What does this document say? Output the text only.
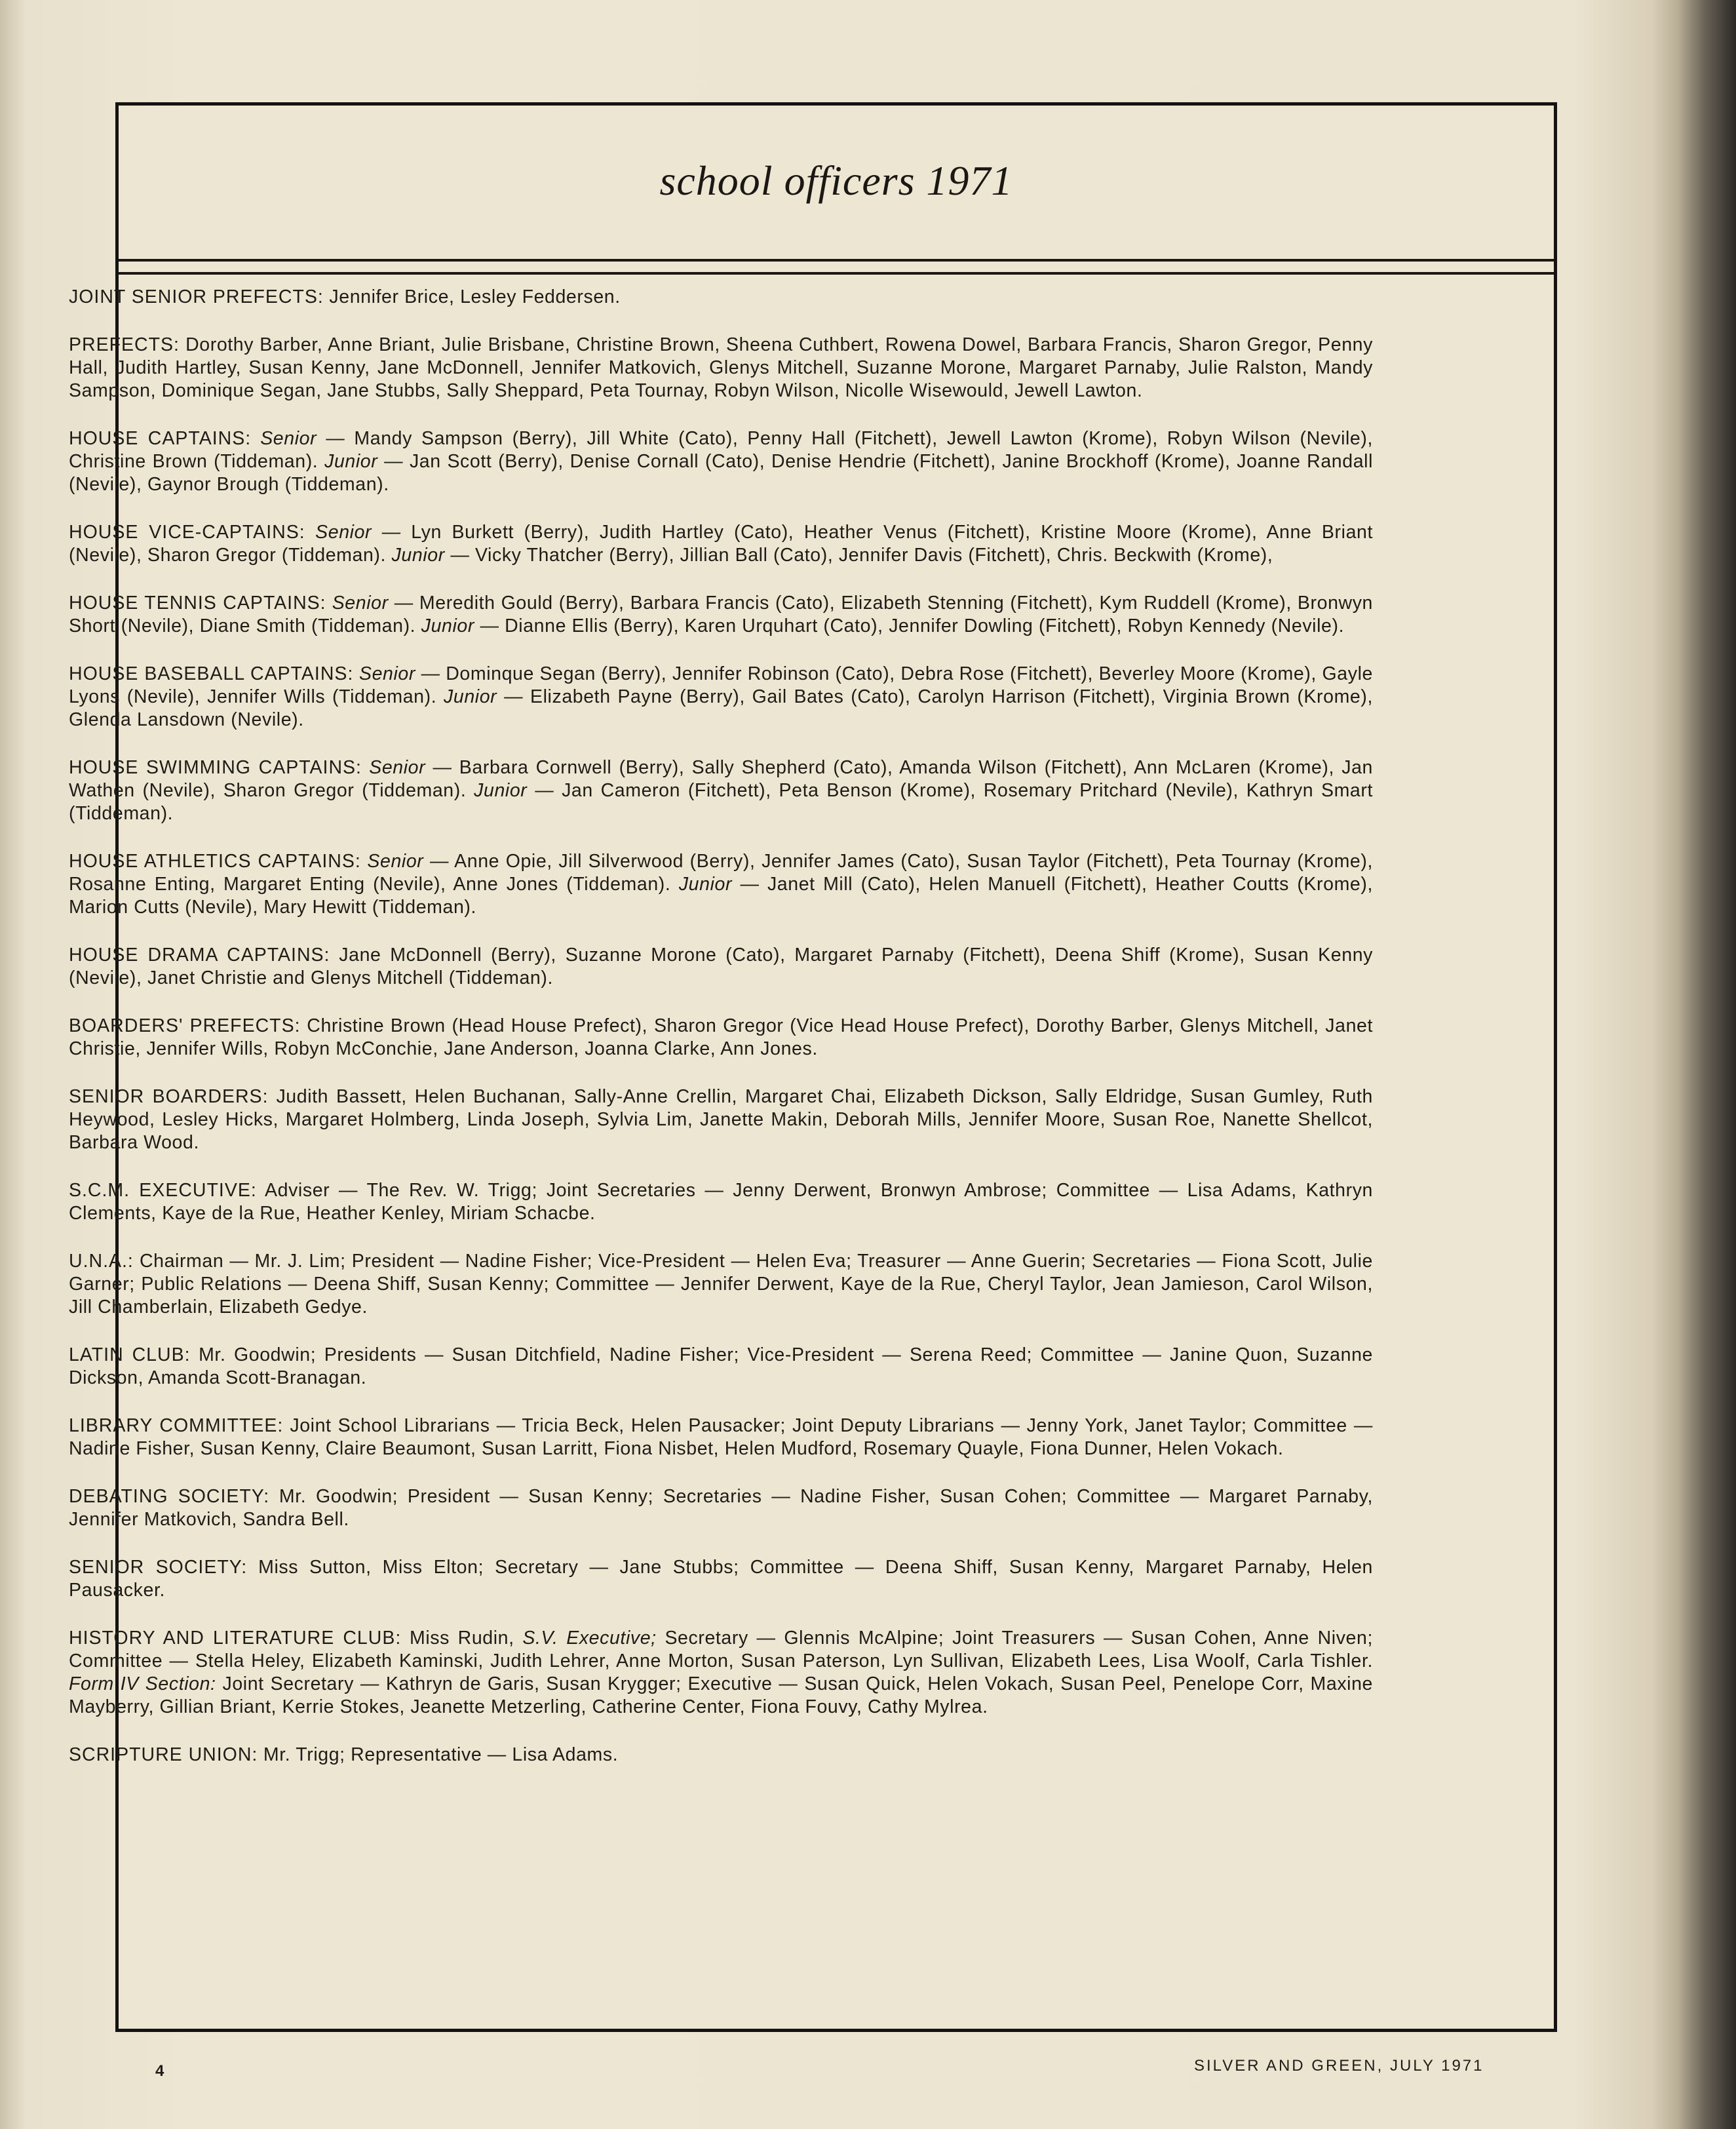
school officers 1971

JOINT SENIOR PREFECTS: Jennifer Brice, Lesley Feddersen.

PREFECTS: Dorothy Barber, Anne Briant, Julie Brisbane, Christine Brown, Sheena Cuthbert, Rowena Dowel, Barbara Francis, Sharon Gregor, Penny Hall, Judith Hartley, Susan Kenny, Jane McDonnell, Jennifer Matkovich, Glenys Mitchell, Suzanne Morone, Margaret Parnaby, Julie Ralston, Mandy Sampson, Dominique Segan, Jane Stubbs, Sally Sheppard, Peta Tournay, Robyn Wilson, Nicolle Wisewould, Jewell Lawton.

HOUSE CAPTAINS: Senior — Mandy Sampson (Berry), Jill White (Cato), Penny Hall (Fitchett), Jewell Lawton (Krome), Robyn Wilson (Nevile), Christine Brown (Tiddeman). Junior — Jan Scott (Berry), Denise Cornall (Cato), Denise Hendrie (Fitchett), Janine Brockhoff (Krome), Joanne Randall (Nevile), Gaynor Brough (Tiddeman).

HOUSE VICE-CAPTAINS: Senior — Lyn Burkett (Berry), Judith Hartley (Cato), Heather Venus (Fitchett), Kristine Moore (Krome), Anne Briant (Nevile), Sharon Gregor (Tiddeman). Junior — Vicky Thatcher (Berry), Jillian Ball (Cato), Jennifer Davis (Fitchett), Chris. Beckwith (Krome),

HOUSE TENNIS CAPTAINS: Senior — Meredith Gould (Berry), Barbara Francis (Cato), Elizabeth Stenning (Fitchett), Kym Ruddell (Krome), Bronwyn Short (Nevile), Diane Smith (Tiddeman). Junior — Dianne Ellis (Berry), Karen Urquhart (Cato), Jennifer Dowling (Fitchett), Robyn Kennedy (Nevile).

HOUSE BASEBALL CAPTAINS: Senior — Dominque Segan (Berry), Jennifer Robinson (Cato), Debra Rose (Fitchett), Beverley Moore (Krome), Gayle Lyons (Nevile), Jennifer Wills (Tiddeman). Junior — Elizabeth Payne (Berry), Gail Bates (Cato), Carolyn Harrison (Fitchett), Virginia Brown (Krome), Glenda Lansdown (Nevile).

HOUSE SWIMMING CAPTAINS: Senior — Barbara Cornwell (Berry), Sally Shepherd (Cato), Amanda Wilson (Fitchett), Ann McLaren (Krome), Jan Wathen (Nevile), Sharon Gregor (Tiddeman). Junior — Jan Cameron (Fitchett), Peta Benson (Krome), Rosemary Pritchard (Nevile), Kathryn Smart (Tiddeman).

HOUSE ATHLETICS CAPTAINS: Senior — Anne Opie, Jill Silverwood (Berry), Jennifer James (Cato), Susan Taylor (Fitchett), Peta Tournay (Krome), Rosanne Enting, Margaret Enting (Nevile), Anne Jones (Tiddeman). Junior — Janet Mill (Cato), Helen Manuell (Fitchett), Heather Coutts (Krome), Marion Cutts (Nevile), Mary Hewitt (Tiddeman).

HOUSE DRAMA CAPTAINS: Jane McDonnell (Berry), Suzanne Morone (Cato), Margaret Parnaby (Fitchett), Deena Shiff (Krome), Susan Kenny (Nevile), Janet Christie and Glenys Mitchell (Tiddeman).

BOARDERS' PREFECTS: Christine Brown (Head House Prefect), Sharon Gregor (Vice Head House Prefect), Dorothy Barber, Glenys Mitchell, Janet Christie, Jennifer Wills, Robyn McConchie, Jane Anderson, Joanna Clarke, Ann Jones.

SENIOR BOARDERS: Judith Bassett, Helen Buchanan, Sally-Anne Crellin, Margaret Chai, Elizabeth Dickson, Sally Eldridge, Susan Gumley, Ruth Heywood, Lesley Hicks, Margaret Holmberg, Linda Joseph, Sylvia Lim, Janette Makin, Deborah Mills, Jennifer Moore, Susan Roe, Nanette Shellcot, Barbara Wood.

S.C.M. EXECUTIVE: Adviser — The Rev. W. Trigg; Joint Secretaries — Jenny Derwent, Bronwyn Ambrose; Committee — Lisa Adams, Kathryn Clements, Kaye de la Rue, Heather Kenley, Miriam Schacbe.

U.N.A.: Chairman — Mr. J. Lim; President — Nadine Fisher; Vice-President — Helen Eva; Treasurer — Anne Guerin; Secretaries — Fiona Scott, Julie Garner; Public Relations — Deena Shiff, Susan Kenny; Committee — Jennifer Derwent, Kaye de la Rue, Cheryl Taylor, Jean Jamieson, Carol Wilson, Jill Chamberlain, Elizabeth Gedye.

LATIN CLUB: Mr. Goodwin; Presidents — Susan Ditchfield, Nadine Fisher; Vice-President — Serena Reed; Committee — Janine Quon, Suzanne Dickson, Amanda Scott-Branagan.

LIBRARY COMMITTEE: Joint School Librarians — Tricia Beck, Helen Pausacker; Joint Deputy Librarians — Jenny York, Janet Taylor; Committee — Nadine Fisher, Susan Kenny, Claire Beaumont, Susan Larritt, Fiona Nisbet, Helen Mudford, Rosemary Quayle, Fiona Dunner, Helen Vokach.

DEBATING SOCIETY: Mr. Goodwin; President — Susan Kenny; Secretaries — Nadine Fisher, Susan Cohen; Committee — Margaret Parnaby, Jennifer Matkovich, Sandra Bell.

SENIOR SOCIETY: Miss Sutton, Miss Elton; Secretary — Jane Stubbs; Committee — Deena Shiff, Susan Kenny, Margaret Parnaby, Helen Pausacker.

HISTORY AND LITERATURE CLUB: Miss Rudin, S.V. Executive; Secretary — Glennis McAlpine; Joint Treasurers — Susan Cohen, Anne Niven; Committee — Stella Heley, Elizabeth Kaminski, Judith Lehrer, Anne Morton, Susan Paterson, Lyn Sullivan, Elizabeth Lees, Lisa Woolf, Carla Tishler. Form IV Section: Joint Secretary — Kathryn de Garis, Susan Krygger; Executive — Susan Quick, Helen Vokach, Susan Peel, Penelope Corr, Maxine Mayberry, Gillian Briant, Kerrie Stokes, Jeanette Metzerling, Catherine Center, Fiona Fouvy, Cathy Mylrea.

SCRIPTURE UNION: Mr. Trigg; Representative — Lisa Adams.

4	SILVER AND GREEN, JULY 1971
